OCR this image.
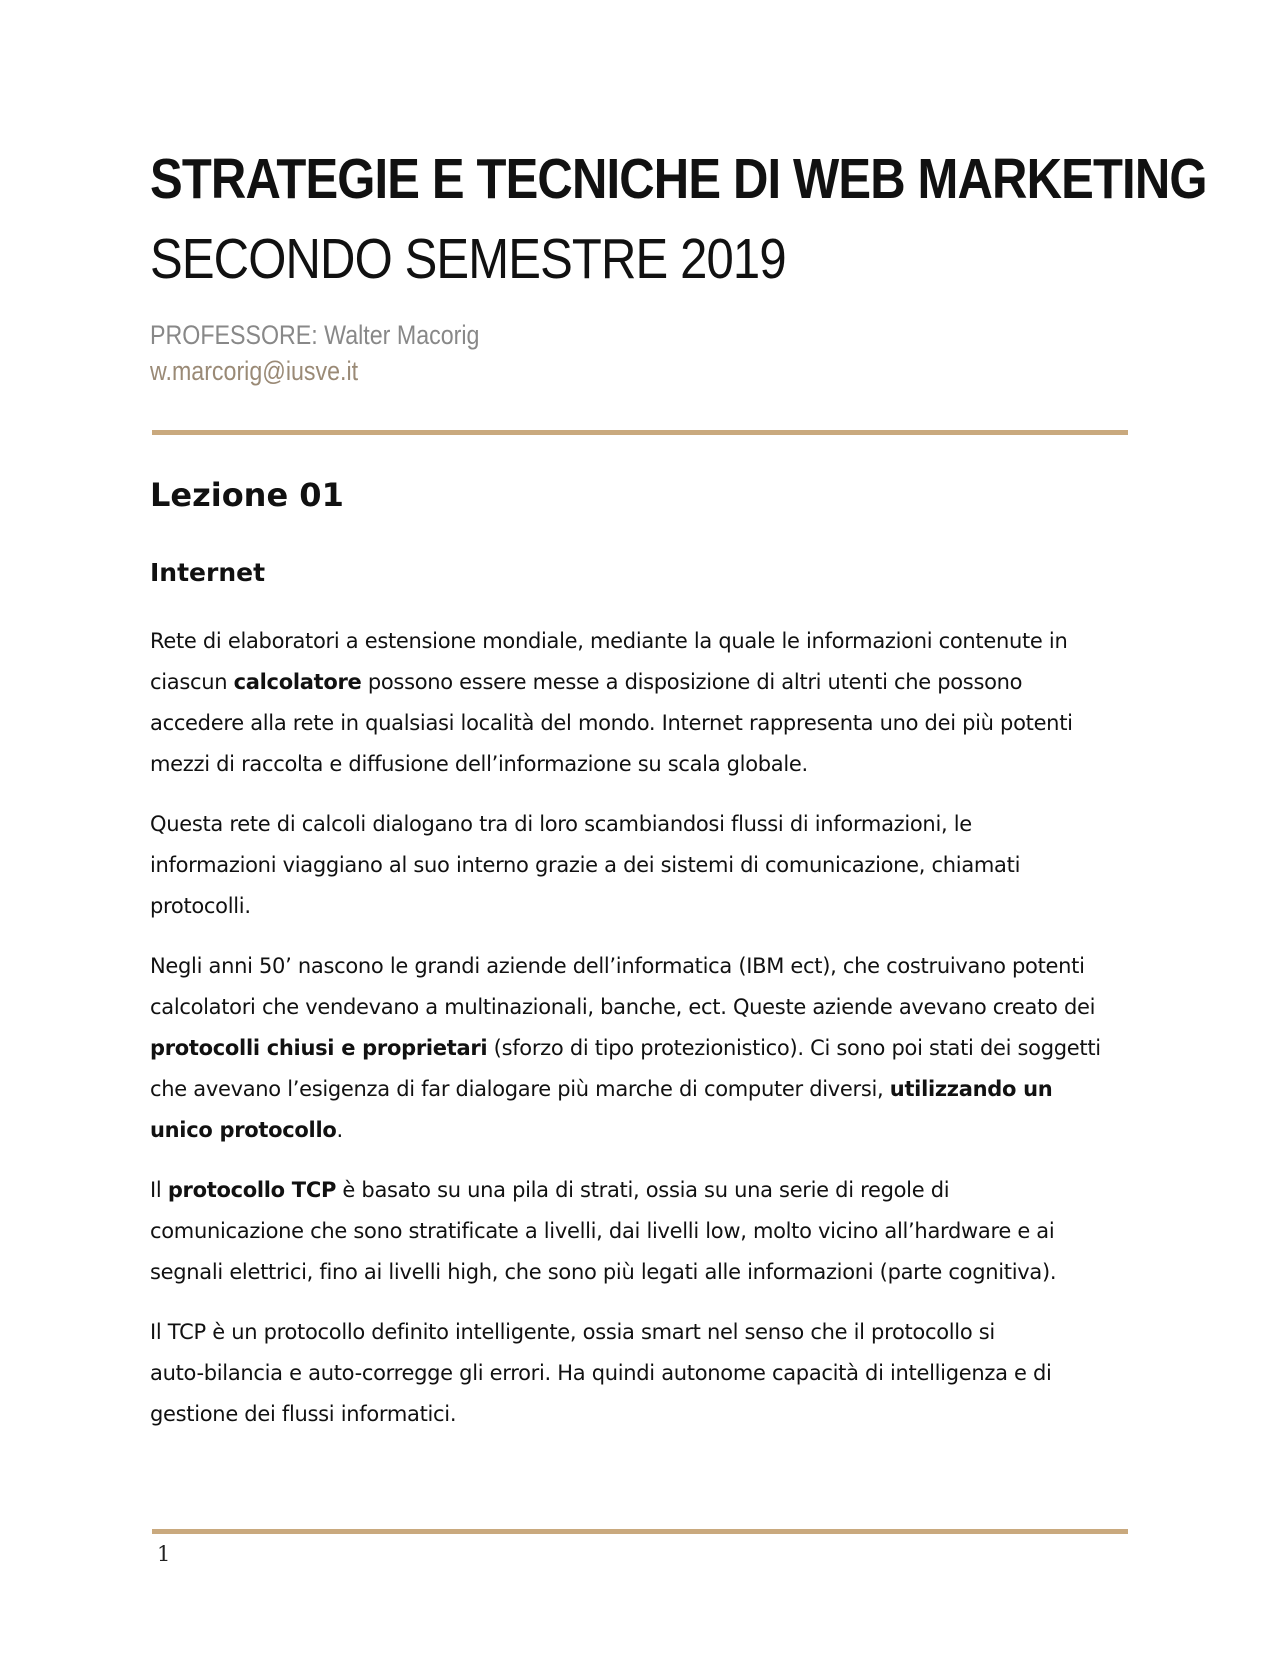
STRATEGIE E TECNICHE DI WEB MARKETING
SECONDO SEMESTRE 2019
PROFESSORE: Walter Macorig
w.marcorig@iusve.it
Lezione 01
Internet

Rete di elaboratori a estensione mondiale, mediante la quale le informazioni contenute in
ciascun calcolatore possono essere messe a disposizione di altri utenti che possono
accedere alla rete in qualsiasi località del mondo. Internet rappresenta uno dei più potenti
mezzi di raccolta e diffusione dell’informazione su scala globale.

Questa rete di calcoli dialogano tra di loro scambiandosi flussi di informazioni, le
informazioni viaggiano al suo interno grazie a dei sistemi di comunicazione, chiamati
protocolli.

Negli anni 50’ nascono le grandi aziende dell’informatica (IBM ect), che costruivano potenti
calcolatori che vendevano a multinazionali, banche, ect. Queste aziende avevano creato dei
protocolli chiusi e proprietari (sforzo di tipo protezionistico). Ci sono poi stati dei soggetti
che avevano l’esigenza di far dialogare più marche di computer diversi, utilizzando un
unico protocollo.

Il protocollo TCP è basato su una pila di strati, ossia su una serie di regole di
comunicazione che sono stratificate a livelli, dai livelli low, molto vicino all’hardware e ai
segnali elettrici, fino ai livelli high, che sono più legati alle informazioni (parte cognitiva).

Il TCP è un protocollo definito intelligente, ossia smart nel senso che il protocollo si
auto-bilancia e auto-corregge gli errori. Ha quindi autonome capacità di intelligenza e di
gestione dei flussi informatici.

1
